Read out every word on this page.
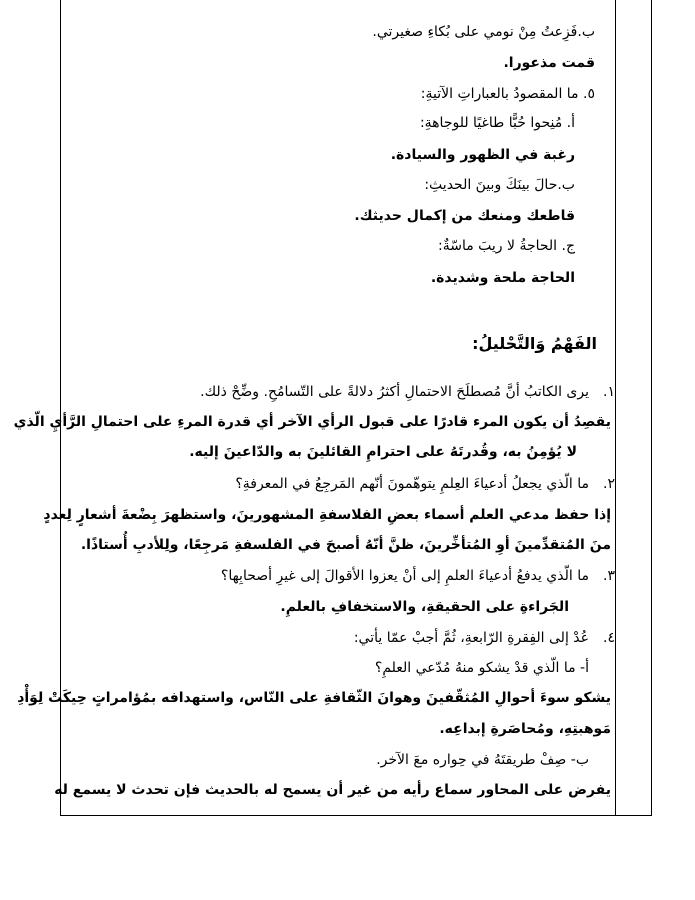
ب.فَزِعتُ مِنْ نومي على بُكاءِ صغيرتي.
قمت مذعورا.
٥. ما المقصودُ بالعباراتِ الآتيةِ:
أ. مُنِحوا حُبًّا طاغيًا للوجاهةِ:
رغبة في الظهور والسيادة.
ب.حالَ بينَكَ وبينَ الحديثِ:
قاطعك ومنعك من إكمال حديثك.
ج. الحاجةُ لا ريبَ ماسّةٌ:
الحاجة ملحة وشديدة.
الفَهْمُ وَالتَّحْليلُ:
١.
يرى الكاتبُ أنَّ مُصطلَحَ الاحتمالِ أكثرُ دلالةً على التّسامُحِ. وضِّحْ ذلك.
يقصِدُ أن يكون المرء قادرًا على قبول الرأي الآخر أي قدرة المرءِ على احتمالِ الرَّأيِ الّذي
لا يُؤمِنُ به، وقُدرتَهُ على احترامِ القائلينَ به والدّاعينَ إليه.
٢.
ما الّذي يجعلُ أدعياءَ العِلمِ يتوهّمونَ أنّهم المَرجِعُ في المعرفةِ؟
إذا حفظ مدعي العلم أسماء بعضِ الفلاسفةِ المشهورينَ، واستظهرَ بِضْعةَ أشعارٍ لِعددٍ
منَ المُتقدِّمينَ أوِ المُتأخِّرينَ، ظنَّ أنّهُ أصبحَ في الفلسفةِ مَرجِعًا، ولِلأدبِ أُستاذًا.
٣.
ما الّذي يدفعُ أدعياءَ العلمِ إلى أنْ يعزوا الأقوالَ إلى غيرِ أصحابِها؟
الجَراءةِ على الحقيقةِ، والاستخفافِ بالعلمِ.
٤.
عُدْ إلى الفِقرةِ الرّابعةِ، ثُمَّ أجبْ عمّا يأتي:
أ- ما الّذي قدْ يشكو منهُ مُدّعي العلمِ؟
يشكو سوءَ أحوالِ المُثقّفينَ وهوانَ الثّقافةِ على النّاس، واستهدافه بمُؤامراتٍ حِيكَتْ لِوَأْدِ
مَوهبتِهِ، ومُحاصَرةِ إبداعِه.
ب- صِفْ طريقتَهُ في حِواره معَ الآخر.
يفرض على المحاور سماع رأيه من غير أن يسمح له بالحديث فإن تحدث لا يسمع له
